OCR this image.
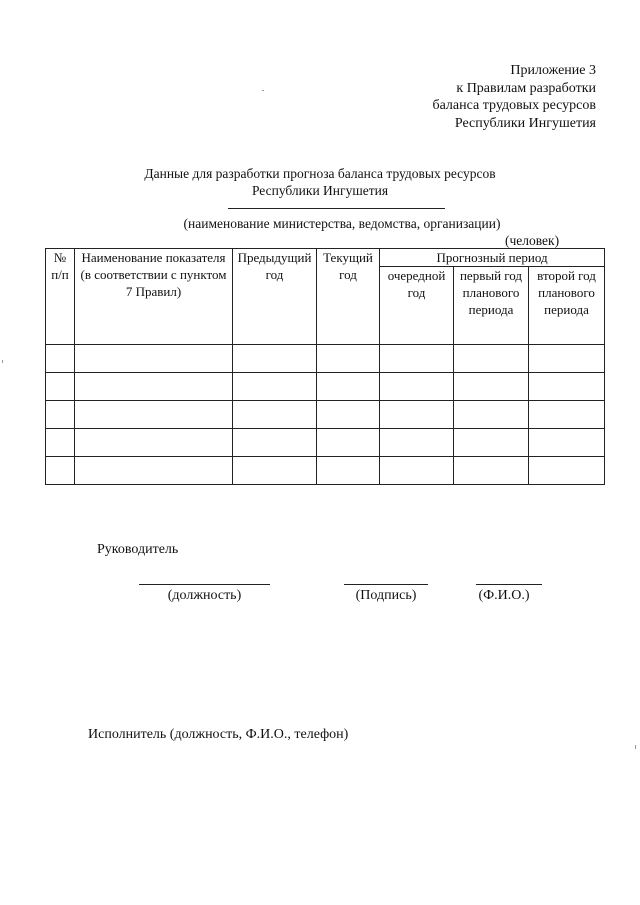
Приложение 3
к Правилам разработки
баланса трудовых ресурсов
Республики Ингушетия
Данные для разработки прогноза баланса трудовых ресурсов
Республики Ингушетия
(наименование министерства, ведомства, организации)
(человек)
№ п/п	Наименование показателя (в соответствии с пунктом 7 Правил)	Предыдущий год	Текущий год	Прогнозный период		
				очередной год	первый год планового периода	второй год планового периода

Руководитель
(должность)	(Подпись)	(Ф.И.О.)
Исполнитель (должность, Ф.И.О., телефон)
